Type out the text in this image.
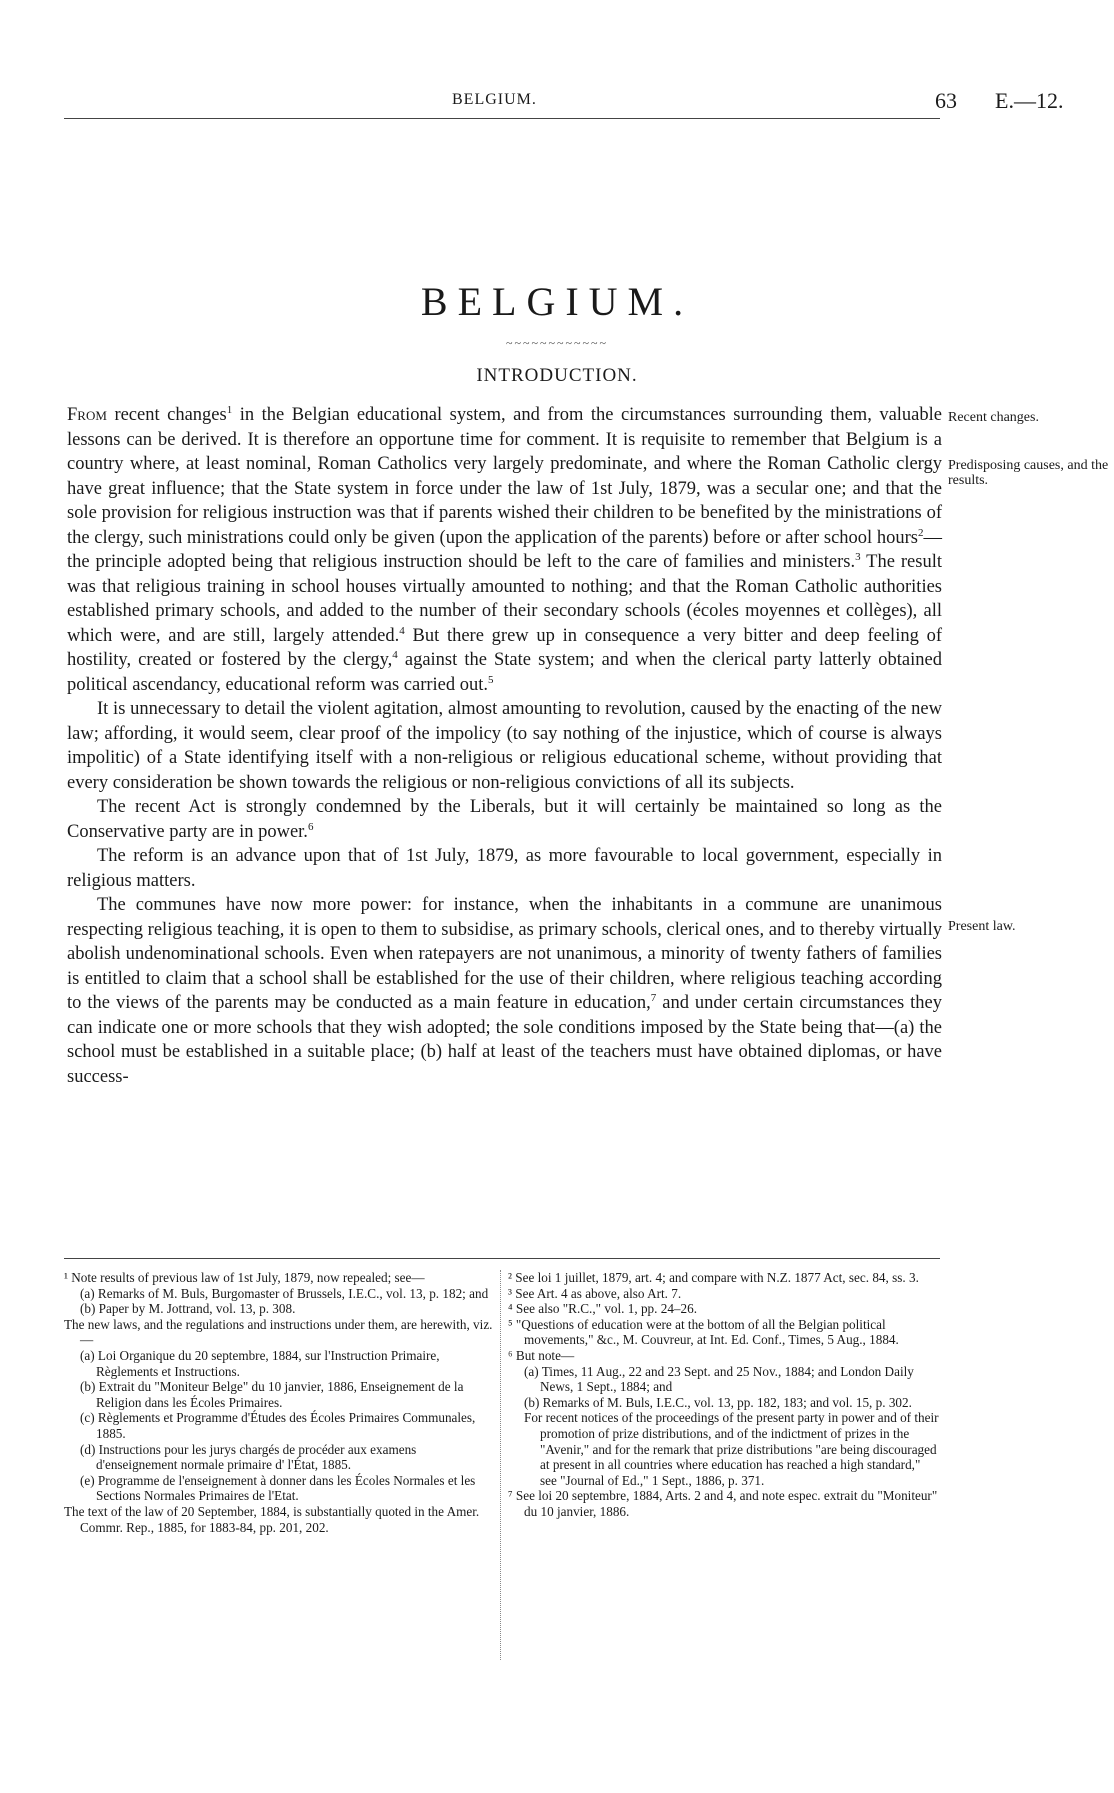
BELGIUM.	63 E.—12.
BELGIUM.
~~~~~~~~~~~~
INTRODUCTION.

From recent changes$^1$ in the Belgian educational system, and from the circumstances surrounding them, valuable lessons can be derived. It is therefore an opportune time for comment. It is requisite to remember that Belgium is a country where, at least nominal, Roman Catholics very largely predominate, and where the Roman Catholic clergy have great influence; that the State system in force under the law of 1st July, 1879, was a secular one; and that the sole provision for religious instruction was that if parents wished their children to be benefited by the ministrations of the clergy, such ministrations could only be given (upon the application of the parents) before or after school hours$^2$—the principle adopted being that religious instruction should be left to the care of families and ministers.$^3$ The result was that religious training in school houses virtually amounted to nothing; and that the Roman Catholic authorities established primary schools, and added to the number of their secondary schools (écoles moyennes et collèges), all which were, and are still, largely attended.$^4$ But there grew up in consequence a very bitter and deep feeling of hostility, created or fostered by the clergy,$^4$ against the State system; and when the clerical party latterly obtained political ascendancy, educational reform was carried out.$^5$

It is unnecessary to detail the violent agitation, almost amounting to revolution, caused by the enacting of the new law; affording, it would seem, clear proof of the impolicy (to say nothing of the injustice, which of course is always impolitic) of a State identifying itself with a non-religious or religious educational scheme, without providing that every consideration be shown towards the religious or non-religious convictions of all its subjects.

The recent Act is strongly condemned by the Liberals, but it will certainly be maintained so long as the Conservative party are in power.$^6$

The reform is an advance upon that of 1st July, 1879, as more favourable to local government, especially in religious matters.

The communes have now more power: for instance, when the inhabitants in a commune are unanimous respecting religious teaching, it is open to them to subsidise, as primary schools, clerical ones, and to thereby virtually abolish undenominational schools. Even when ratepayers are not unanimous, a minority of twenty fathers of families is entitled to claim that a school shall be established for the use of their children, where religious teaching according to the views of the parents may be conducted as a main feature in education,$^7$ and under certain circumstances they can indicate one or more schools that they wish adopted; the sole conditions imposed by the State being that—(a) the school must be established in a suitable place; (b) half at least of the teachers must have obtained diplomas, or have success-

Recent changes.
Predisposing causes, and the results.
Present law.

¹ Note results of previous law of 1st July, 1879, now repealed; see—

(a) Remarks of M. Buls, Burgomaster of Brussels, I.E.C., vol. 13, p. 182; and

(b) Paper by M. Jottrand, vol. 13, p. 308.

The new laws, and the regulations and instructions under them, are herewith, viz.—

(a) Loi Organique du 20 septembre, 1884, sur l'Instruction Primaire, Règlements et Instructions.

(b) Extrait du "Moniteur Belge" du 10 janvier, 1886, Enseignement de la Religion dans les Écoles Primaires.

(c) Règlements et Programme d'Études des Écoles Primaires Communales, 1885.

(d) Instructions pour les jurys chargés de procéder aux examens d'enseignement normale primaire d' l'État, 1885.

(e) Programme de l'enseignement à donner dans les Écoles Normales et les Sections Normales Primaires de l'Etat.

The text of the law of 20 September, 1884, is substantially quoted in the Amer. Commr. Rep., 1885, for 1883-84, pp. 201, 202.

² See loi 1 juillet, 1879, art. 4; and compare with N.Z. 1877 Act, sec. 84, ss. 3.

³ See Art. 4 as above, also Art. 7.

⁴ See also "R.C.," vol. 1, pp. 24–26.

⁵ "Questions of education were at the bottom of all the Belgian political movements," &c., M. Couvreur, at Int. Ed. Conf., Times, 5 Aug., 1884.

⁶ But note—

(a) Times, 11 Aug., 22 and 23 Sept. and 25 Nov., 1884; and London Daily News, 1 Sept., 1884; and

(b) Remarks of M. Buls, I.E.C., vol. 13, pp. 182, 183; and vol. 15, p. 302.

For recent notices of the proceedings of the present party in power and of their promotion of prize distributions, and of the indictment of prizes in the "Avenir," and for the remark that prize distributions "are being discouraged at present in all countries where education has reached a high standard," see "Journal of Ed.," 1 Sept., 1886, p. 371.

⁷ See loi 20 septembre, 1884, Arts. 2 and 4, and note espec. extrait du "Moniteur" du 10 janvier, 1886.
